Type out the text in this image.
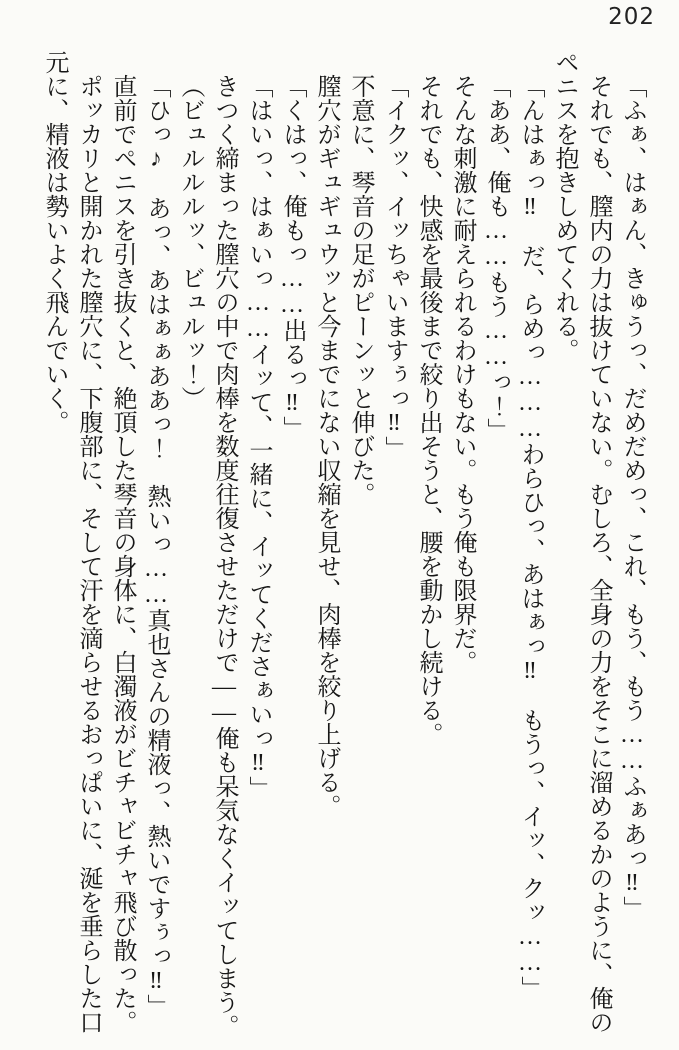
202

「ふぁ、はぁん、きゅうっ、だめだめっ、これ、もう、もう……ふぁあっ‼」

それでも、膣内の力は抜けていない。むしろ、全身の力をそこに溜めるかのように、俺のペニスを抱きしめてくれる。

「んはぁっ‼　だ、らめっ………わらひっ、あはぁっ‼　もうっ、イッ、クッ……」

「ああ、俺も……もう……っ！」

そんな刺激に耐えられるわけもない。もう俺も限界だ。

それでも、快感を最後まで絞り出そうと、腰を動かし続ける。

「イクッ、イッちゃいますぅっ‼」

不意に、琴音の足がピーンッと伸びた。

膣穴がギュギュウッと今までにない収縮を見せ、肉棒を絞り上げる。

「くはっ、俺もっ……出るっ‼」

「はいっ、はぁいっ……イッて、一緒に、イッてくださぁいっ‼」

きつく締まった膣穴の中で肉棒を数度往復させただけで――俺も呆気なくイッてしまう。

（ビュルルルッ、ビュルッ！）

「ひっ♪　あっ、あはぁぁああっ！　熱いっ……真也さんの精液っ、熱いですぅっ‼」

直前でペニスを引き抜くと、絶頂した琴音の身体に、白濁液がビチャビチャ飛び散った。

ポッカリと開かれた膣穴に、下腹部に、そして汗を滴らせるおっぱいに、涎を垂らした口元に、精液は勢いよく飛んでいく。
